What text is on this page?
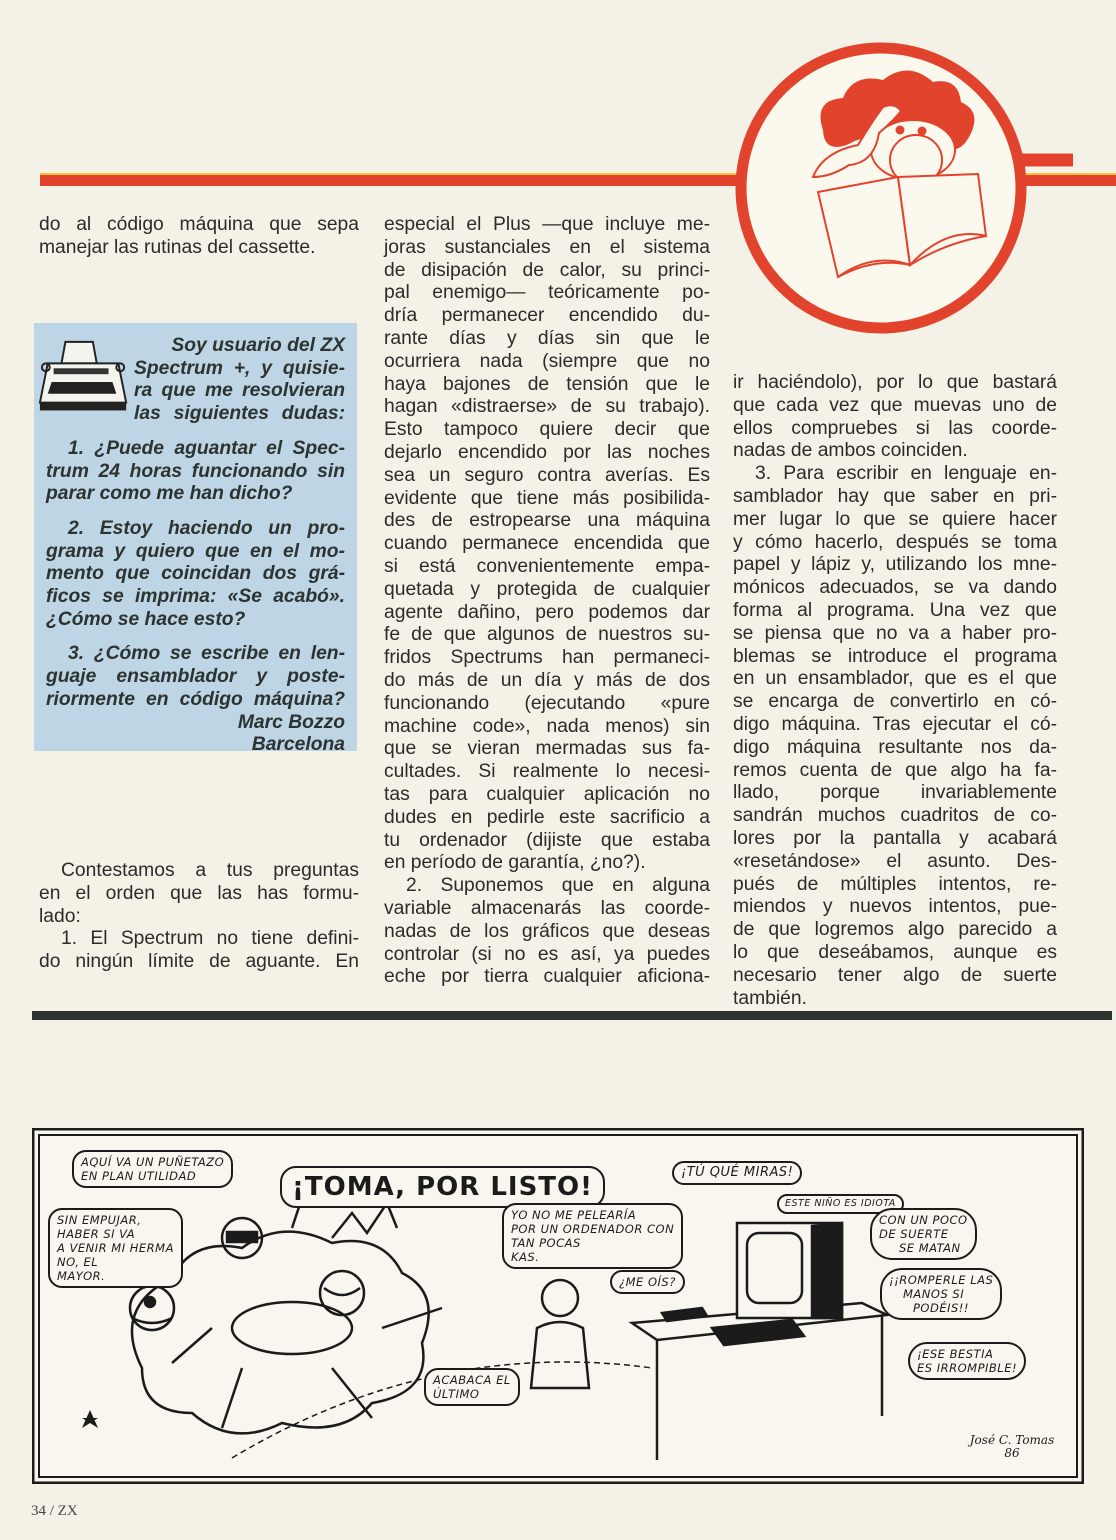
do al código máquina que sepa
manejar las rutinas del cassette.
Soy usuario del ZX
Spectrum +, y quisie-
ra que me resolvieran
las siguientes dudas:
1. ¿Puede aguantar el Spec-
trum 24 horas funcionando sin
parar como me han dicho?
2. Estoy haciendo un pro-
grama y quiero que en el mo-
mento que coincidan dos grá-
ficos se imprima: «Se acabó».
¿Cómo se hace esto?
3. ¿Cómo se escribe en len-
guaje ensamblador y poste-
riormente en código máquina?
Marc Bozzo
Barcelona
Contestamos a tus preguntas
en el orden que las has formu-
lado:
1. El Spectrum no tiene defini-
do ningún límite de aguante. En
especial el Plus —que incluye me-
joras sustanciales en el sistema
de disipación de calor, su princi-
pal enemigo— teóricamente po-
dría permanecer encendido du-
rante días y días sin que le
ocurriera nada (siempre que no
haya bajones de tensión que le
hagan «distraerse» de su trabajo).
Esto tampoco quiere decir que
dejarlo encendido por las noches
sea un seguro contra averías. Es
evidente que tiene más posibilida-
des de estropearse una máquina
cuando permanece encendida que
si está convenientemente empa-
quetada y protegida de cualquier
agente dañino, pero podemos dar
fe de que algunos de nuestros su-
fridos Spectrums han permaneci-
do más de un día y más de dos
funcionando (ejecutando «pure
machine code», nada menos) sin
que se vieran mermadas sus fa-
cultades. Si realmente lo necesi-
tas para cualquier aplicación no
dudes en pedirle este sacrificio a
tu ordenador (dijiste que estaba
en período de garantía, ¿no?).
2. Suponemos que en alguna
variable almacenarás las coorde-
nadas de los gráficos que deseas
controlar (si no es así, ya puedes
eche por tierra cualquier aficiona-
ir haciéndolo), por lo que bastará
que cada vez que muevas uno de
ellos compruebes si las coorde-
nadas de ambos coinciden.
3. Para escribir en lenguaje en-
samblador hay que saber en pri-
mer lugar lo que se quiere hacer
y cómo hacerlo, después se toma
papel y lápiz y, utilizando los mne-
mónicos adecuados, se va dando
forma al programa. Una vez que
se piensa que no va a haber pro-
blemas se introduce el programa
en un ensamblador, que es el que
se encarga de convertirlo en có-
digo máquina. Tras ejecutar el có-
digo máquina resultante nos da-
remos cuenta de que algo ha fa-
llado, porque invariablemente
sandrán muchos cuadritos de co-
lores por la pantalla y acabará
«resetándose» el asunto. Des-
pués de múltiples intentos, re-
miendos y nuevos intentos, pue-
de que logremos algo parecido a
lo que deseábamos, aunque es
necesario tener algo de suerte
también.
AQUÍ VA UN PUÑETAZO
EN PLAN UTILIDAD	¡TOMA, POR LISTO!
SIN EMPUJAR,
HABER SI VA
A VENIR MI HERMA
NO, EL
MAYOR.
ACABACA EL
ÚLTIMO
YO NO ME PELEARÍA
POR UN ORDENADOR CON
TAN POCAS
KAS.
¿ME OÍS?
¡TÚ QUÉ MIRAS!
ESTE NIÑO ES IDIOTA
CON UN POCO
DE SUERTE
SE MATAN
¡¡ROMPERLE LAS
MANOS SI
PODÉIS!!
¡ESE BESTIA
ES IRROMPIBLE!
José C. Tomas
86
34 / ZX
